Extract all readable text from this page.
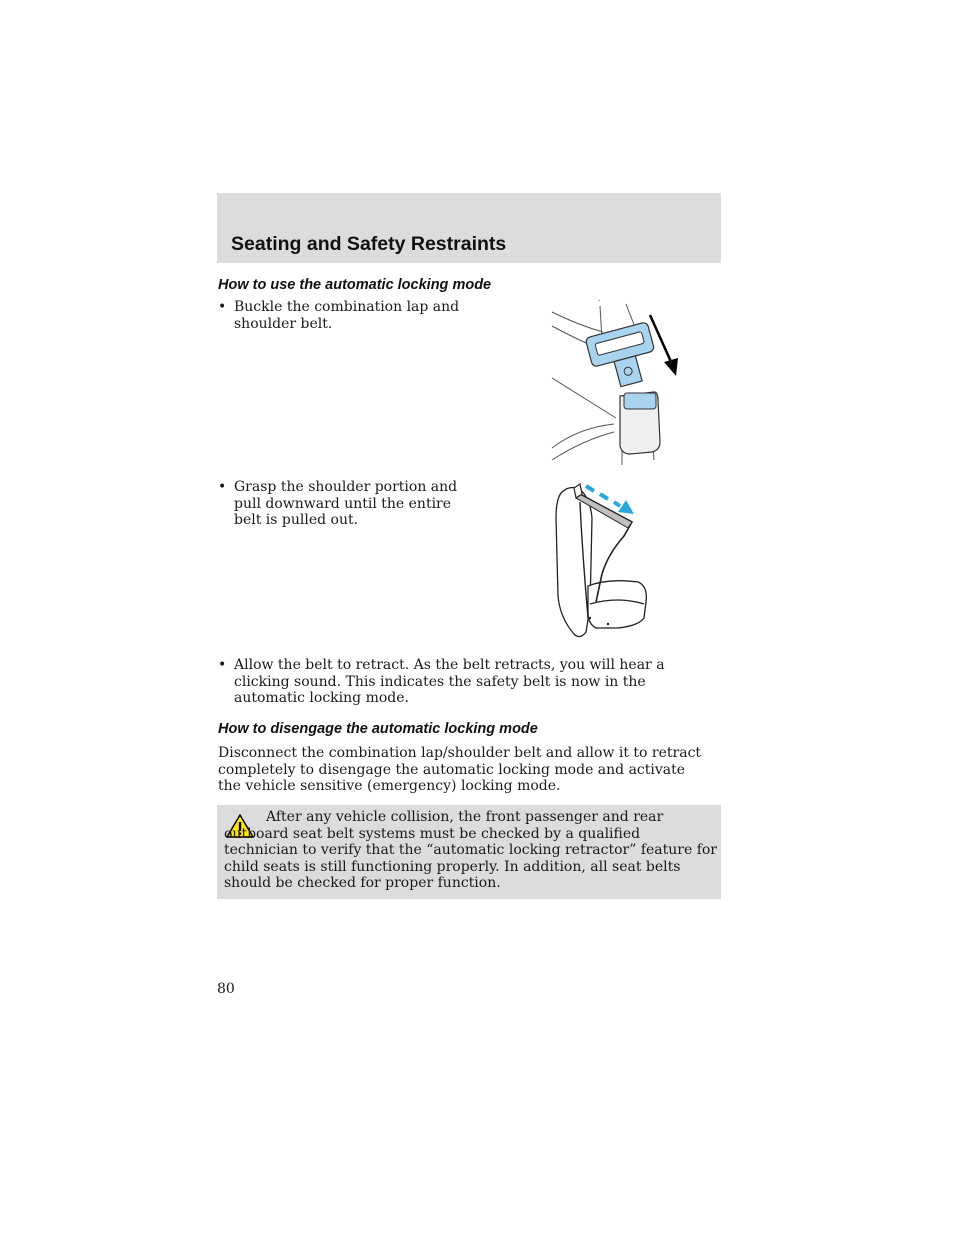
Seating and Safety Restraints
How to use the automatic locking mode
• Buckle the combination lap and shoulder belt.
• Grasp the shoulder portion and pull downward until the entire belt is pulled out.
• Allow the belt to retract. As the belt retracts, you will hear a clicking sound. This indicates the safety belt is now in the automatic locking mode.
How to disengage the automatic locking mode

Disconnect the combination lap/shoulder belt and allow it to retract completely to disengage the automatic locking mode and activate the vehicle sensitive (emergency) locking mode.

After any vehicle collision, the front passenger and rear outboard seat belt systems must be checked by a qualified technician to verify that the “automatic locking retractor” feature for child seats is still functioning properly. In addition, all seat belts should be checked for proper function.

80
